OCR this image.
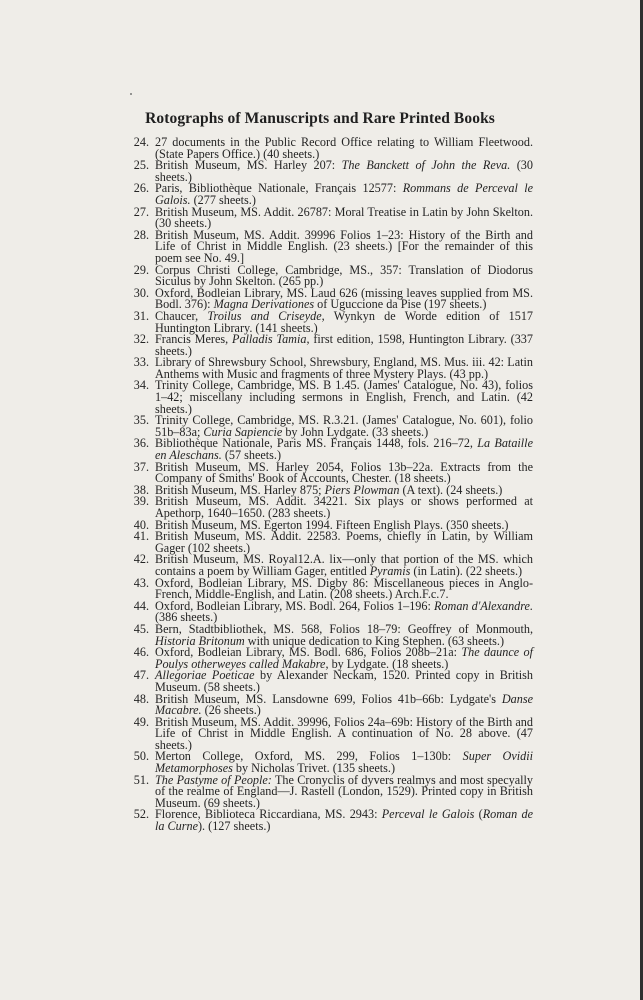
Rotographs of Manuscripts and Rare Printed Books
24. 27 documents in the Public Record Office relating to William Fleetwood. (State Papers Office.) (40 sheets.)
25. British Museum, MS. Harley 207: The Banckett of John the Reva. (30 sheets.)
26. Paris, Bibliothèque Nationale, Français 12577: Rommans de Perceval le Galois. (277 sheets.)
27. British Museum, MS. Addit. 26787: Moral Treatise in Latin by John Skelton. (30 sheets.)
28. British Museum, MS. Addit. 39996 Folios 1–23: History of the Birth and Life of Christ in Middle English. (23 sheets.) [For the remainder of this poem see No. 49.]
29. Corpus Christi College, Cambridge, MS., 357: Translation of Diodorus Siculus by John Skelton. (265 pp.)
30. Oxford, Bodleian Library, MS. Laud 626 (missing leaves supplied from MS. Bodl. 376): Magna Derivationes of Uguccione da Pise (197 sheets.)
31. Chaucer, Troilus and Criseyde, Wynkyn de Worde edition of 1517 Huntington Library. (141 sheets.)
32. Francis Meres, Palladis Tamia, first edition, 1598, Huntington Library. (337 sheets.)
33. Library of Shrewsbury School, Shrewsbury, England, MS. Mus. iii. 42: Latin Anthems with Music and fragments of three Mystery Plays. (43 pp.)
34. Trinity College, Cambridge, MS. B 1.45. (James' Catalogue, No. 43), folios 1–42; miscellany including sermons in English, French, and Latin. (42 sheets.)
35. Trinity College, Cambridge, MS. R.3.21. (James' Catalogue, No. 601), folio 51b–83a; Curia Sapiencie by John Lydgate. (33 sheets.)
36. Bibliothèque Nationale, Paris MS. Français 1448, fols. 216–72, La Bataille en Aleschans. (57 sheets.)
37. British Museum, MS. Harley 2054, Folios 13b–22a. Extracts from the Company of Smiths' Book of Accounts, Chester. (18 sheets.)
38. British Museum, MS. Harley 875; Piers Plowman (A text). (24 sheets.)
39. British Museum, MS. Addit. 34221. Six plays or shows performed at Apethorp, 1640–1650. (283 sheets.)
40. British Museum, MS. Egerton 1994. Fifteen English Plays. (350 sheets.)
41. British Museum, MS. Addit. 22583. Poems, chiefly in Latin, by William Gager (102 sheets.)
42. British Museum, MS. Royal12.A. lix—only that portion of the MS. which contains a poem by William Gager, entitled Pyramis (in Latin). (22 sheets.)
43. Oxford, Bodleian Library, MS. Digby 86: Miscellaneous pieces in Anglo-French, Middle-English, and Latin. (208 sheets.) Arch.F.c.7.
44. Oxford, Bodleian Library, MS. Bodl. 264, Folios 1–196: Roman d'Alexandre. (386 sheets.)
45. Bern, Stadtbibliothek, MS. 568, Folios 18–79: Geoffrey of Monmouth, Historia Britonum with unique dedication to King Stephen. (63 sheets.)
46. Oxford, Bodleian Library, MS. Bodl. 686, Folios 208b–21a: The daunce of Poulys otherweyes called Makabre, by Lydgate. (18 sheets.)
47. Allegoriae Poeticae by Alexander Neckam, 1520. Printed copy in British Museum. (58 sheets.)
48. British Museum, MS. Lansdowne 699, Folios 41b–66b: Lydgate's Danse Macabre. (26 sheets.)
49. British Museum, MS. Addit. 39996, Folios 24a–69b: History of the Birth and Life of Christ in Middle English. A continuation of No. 28 above. (47 sheets.)
50. Merton College, Oxford, MS. 299, Folios 1–130b: Super Ovidii Metamorphoses by Nicholas Trivet. (135 sheets.)
51. The Pastyme of People: The Cronyclis of dyvers realmys and most specyally of the realme of England—J. Rastell (London, 1529). Printed copy in British Museum. (69 sheets.)
52. Florence, Biblioteca Riccardiana, MS. 2943: Perceval le Galois (Roman de la Curne). (127 sheets.)
